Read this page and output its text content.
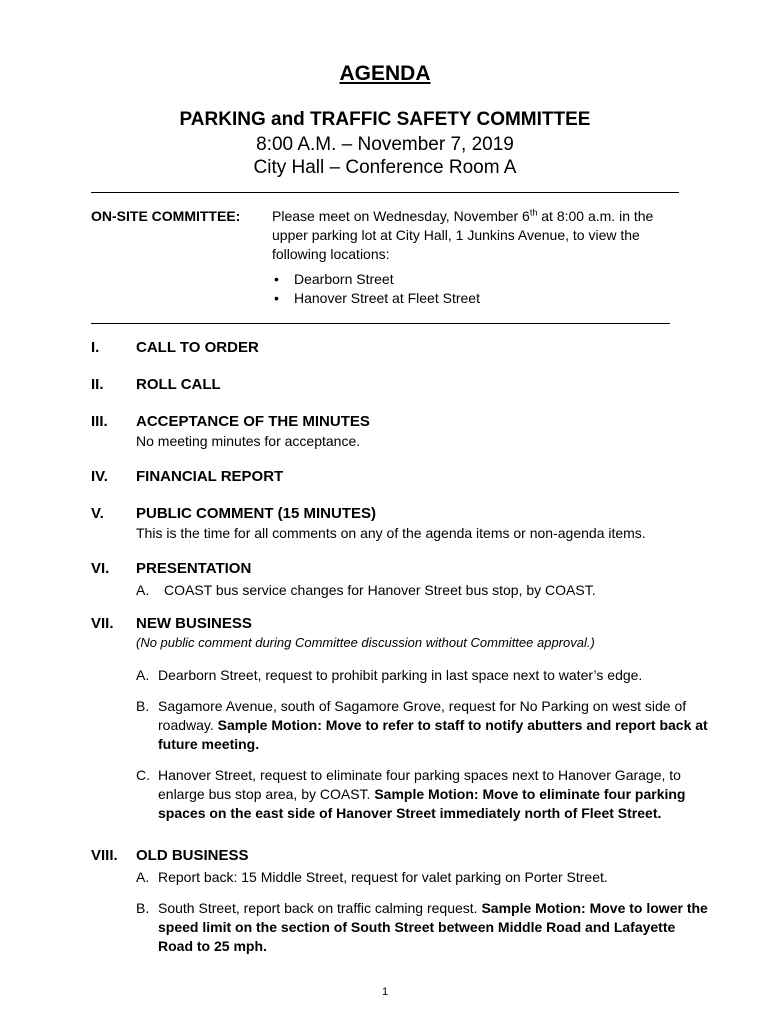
AGENDA
PARKING and TRAFFIC SAFETY COMMITTEE
8:00 A.M. – November 7, 2019
City Hall – Conference Room A
ON-SITE COMMITTEE: Please meet on Wednesday, November 6th at 8:00 a.m. in the upper parking lot at City Hall, 1 Junkins Avenue, to view the following locations:
• Dearborn Street
• Hanover Street at Fleet Street
I. CALL TO ORDER
II. ROLL CALL
III. ACCEPTANCE OF THE MINUTES
No meeting minutes for acceptance.
IV. FINANCIAL REPORT
V. PUBLIC COMMENT (15 MINUTES)
This is the time for all comments on any of the agenda items or non-agenda items.
VI. PRESENTATION
A. COAST bus service changes for Hanover Street bus stop, by COAST.
VII. NEW BUSINESS
(No public comment during Committee discussion without Committee approval.)
A. Dearborn Street, request to prohibit parking in last space next to water’s edge.
B. Sagamore Avenue, south of Sagamore Grove, request for No Parking on west side of roadway. Sample Motion: Move to refer to staff to notify abutters and report back at future meeting.
C. Hanover Street, request to eliminate four parking spaces next to Hanover Garage, to enlarge bus stop area, by COAST. Sample Motion: Move to eliminate four parking spaces on the east side of Hanover Street immediately north of Fleet Street.
VIII. OLD BUSINESS
A. Report back: 15 Middle Street, request for valet parking on Porter Street.
B. South Street, report back on traffic calming request. Sample Motion: Move to lower the speed limit on the section of South Street between Middle Road and Lafayette Road to 25 mph.
1
